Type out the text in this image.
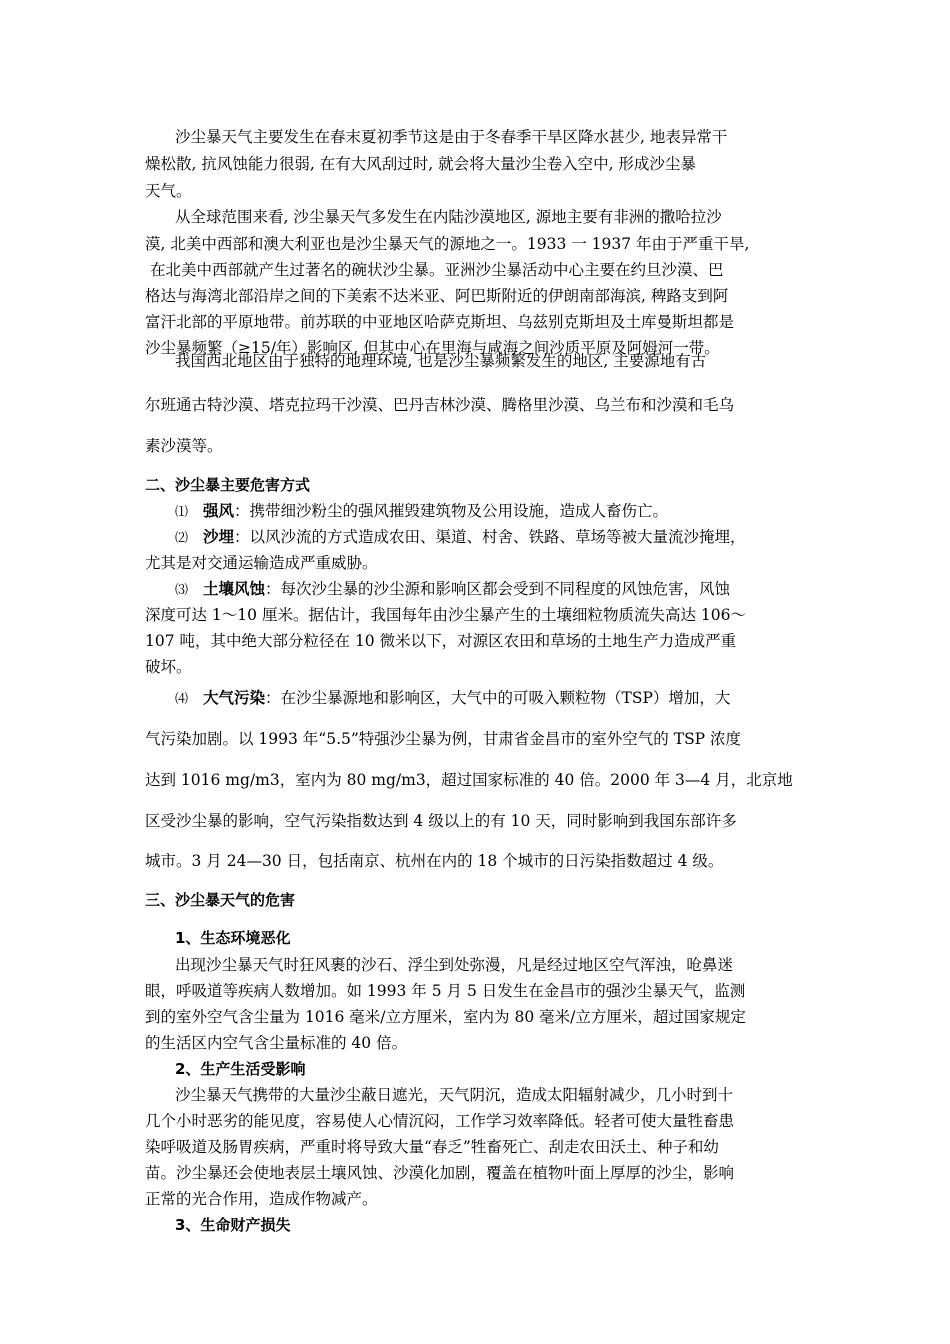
沙尘暴天气主要发生在春末夏初季节这是由于冬春季干旱区降水甚少, 地表异常干
燥松散, 抗风蚀能力很弱, 在有大风刮过时, 就会将大量沙尘卷入空中, 形成沙尘暴
天气。
从全球范围来看, 沙尘暴天气多发生在内陆沙漠地区, 源地主要有非洲的撒哈拉沙
漠, 北美中西部和澳大利亚也是沙尘暴天气的源地之一。1933 一 1937 年由于严重干旱,
在北美中西部就产生过著名的碗状沙尘暴。亚洲沙尘暴活动中心主要在约旦沙漠、巴
格达与海湾北部沿岸之间的下美索不达米亚、阿巴斯附近的伊朗南部海滨, 稗路支到阿
富汗北部的平原地带。前苏联的中亚地区哈萨克斯坦、乌兹别克斯坦及土库曼斯坦都是
沙尘暴频繁（≥15/年）影响区, 但其中心在里海与咸海之间沙质平原及阿姆河一带。
我国西北地区由于独特的地理环境, 也是沙尘暴频繁发生的地区, 主要源地有古
尔班通古特沙漠、塔克拉玛干沙漠、巴丹吉林沙漠、腾格里沙漠、乌兰布和沙漠和毛乌
素沙漠等。
二、沙尘暴主要危害方式
⑴ 强风：携带细沙粉尘的强风摧毁建筑物及公用设施，造成人畜伤亡。
⑵ 沙埋：以风沙流的方式造成农田、渠道、村舍、铁路、草场等被大量流沙掩埋，
尤其是对交通运输造成严重威胁。
⑶ 土壤风蚀：每次沙尘暴的沙尘源和影响区都会受到不同程度的风蚀危害，风蚀
深度可达 1～10 厘米。据估计，我国每年由沙尘暴产生的土壤细粒物质流失高达 106～
107 吨，其中绝大部分粒径在 10 微米以下，对源区农田和草场的土地生产力造成严重
破坏。
⑷ 大气污染：在沙尘暴源地和影响区，大气中的可吸入颗粒物（TSP）增加，大
气污染加剧。以 1993 年“5.5”特强沙尘暴为例，甘肃省金昌市的室外空气的 TSP 浓度
达到 1016 mg/m3，室内为 80 mg/m3，超过国家标准的 40 倍。2000 年 3—4 月，北京地
区受沙尘暴的影响，空气污染指数达到 4 级以上的有 10 天，同时影响到我国东部许多
城市。3 月 24—30 日，包括南京、杭州在内的 18 个城市的日污染指数超过 4 级。
三、沙尘暴天气的危害
1、生态环境恶化
出现沙尘暴天气时狂风裹的沙石、浮尘到处弥漫，凡是经过地区空气浑浊，呛鼻迷
眼，呼吸道等疾病人数增加。如 1993 年 5 月 5 日发生在金昌市的强沙尘暴天气，监测
到的室外空气含尘量为 1016 毫米/立方厘米，室内为 80 毫米/立方厘米，超过国家规定
的生活区内空气含尘量标准的 40 倍。
2、生产生活受影响
沙尘暴天气携带的大量沙尘蔽日遮光，天气阴沉，造成太阳辐射减少，几小时到十
几个小时恶劣的能见度，容易使人心情沉闷，工作学习效率降低。轻者可使大量牲畜患
染呼吸道及肠胃疾病，严重时将导致大量“春乏”牲畜死亡、刮走农田沃土、种子和幼
苗。沙尘暴还会使地表层土壤风蚀、沙漠化加剧，覆盖在植物叶面上厚厚的沙尘，影响
正常的光合作用，造成作物减产。
3、生命财产损失
